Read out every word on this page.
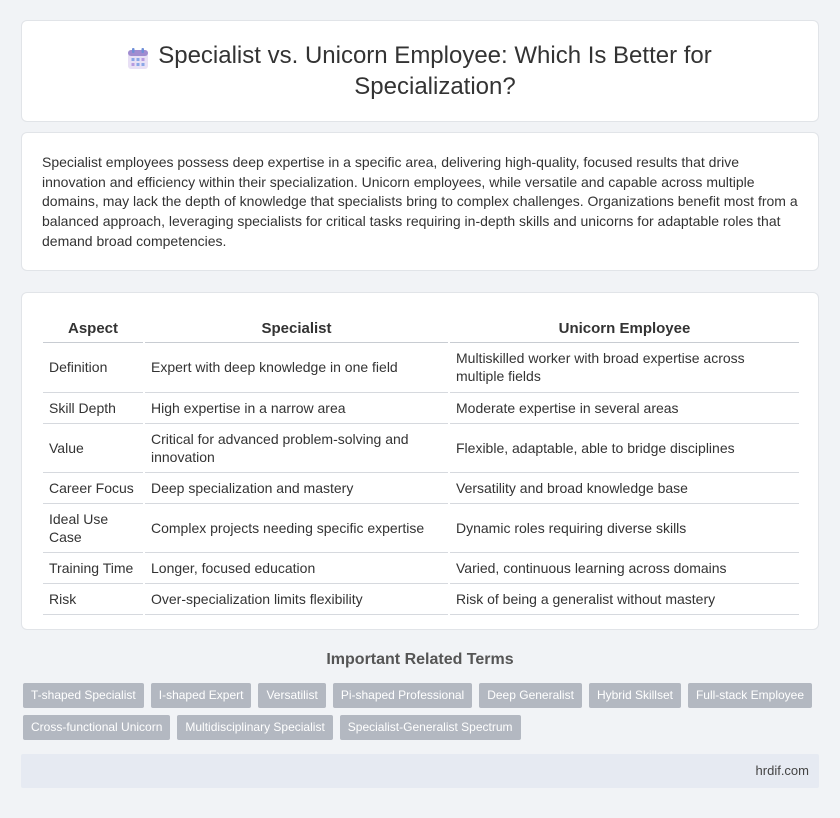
Specialist vs. Unicorn Employee: Which Is Better for Specialization?

Specialist employees possess deep expertise in a specific area, delivering high-quality, focused results that drive innovation and efficiency within their specialization. Unicorn employees, while versatile and capable across multiple domains, may lack the depth of knowledge that specialists bring to complex challenges. Organizations benefit most from a balanced approach, leveraging specialists for critical tasks requiring in-depth skills and unicorns for adaptable roles that demand broad competencies.

Aspect	Specialist	Unicorn Employee
Definition	Expert with deep knowledge in one field	Multiskilled worker with broad expertise across multiple fields
Skill Depth	High expertise in a narrow area	Moderate expertise in several areas
Value	Critical for advanced problem-solving and innovation	Flexible, adaptable, able to bridge disciplines
Career Focus	Deep specialization and mastery	Versatility and broad knowledge base
Ideal Use Case	Complex projects needing specific expertise	Dynamic roles requiring diverse skills
Training Time	Longer, focused education	Varied, continuous learning across domains
Risk	Over-specialization limits flexibility	Risk of being a generalist without mastery
Important Related Terms
T-shaped Specialist	I-shaped Expert	Versatilist	Pi-shaped Professional	Deep Generalist	Hybrid Skillset	Full-stack Employee
Cross-functional Unicorn	Multidisciplinary Specialist	Specialist-Generalist Spectrum
hrdif.com
